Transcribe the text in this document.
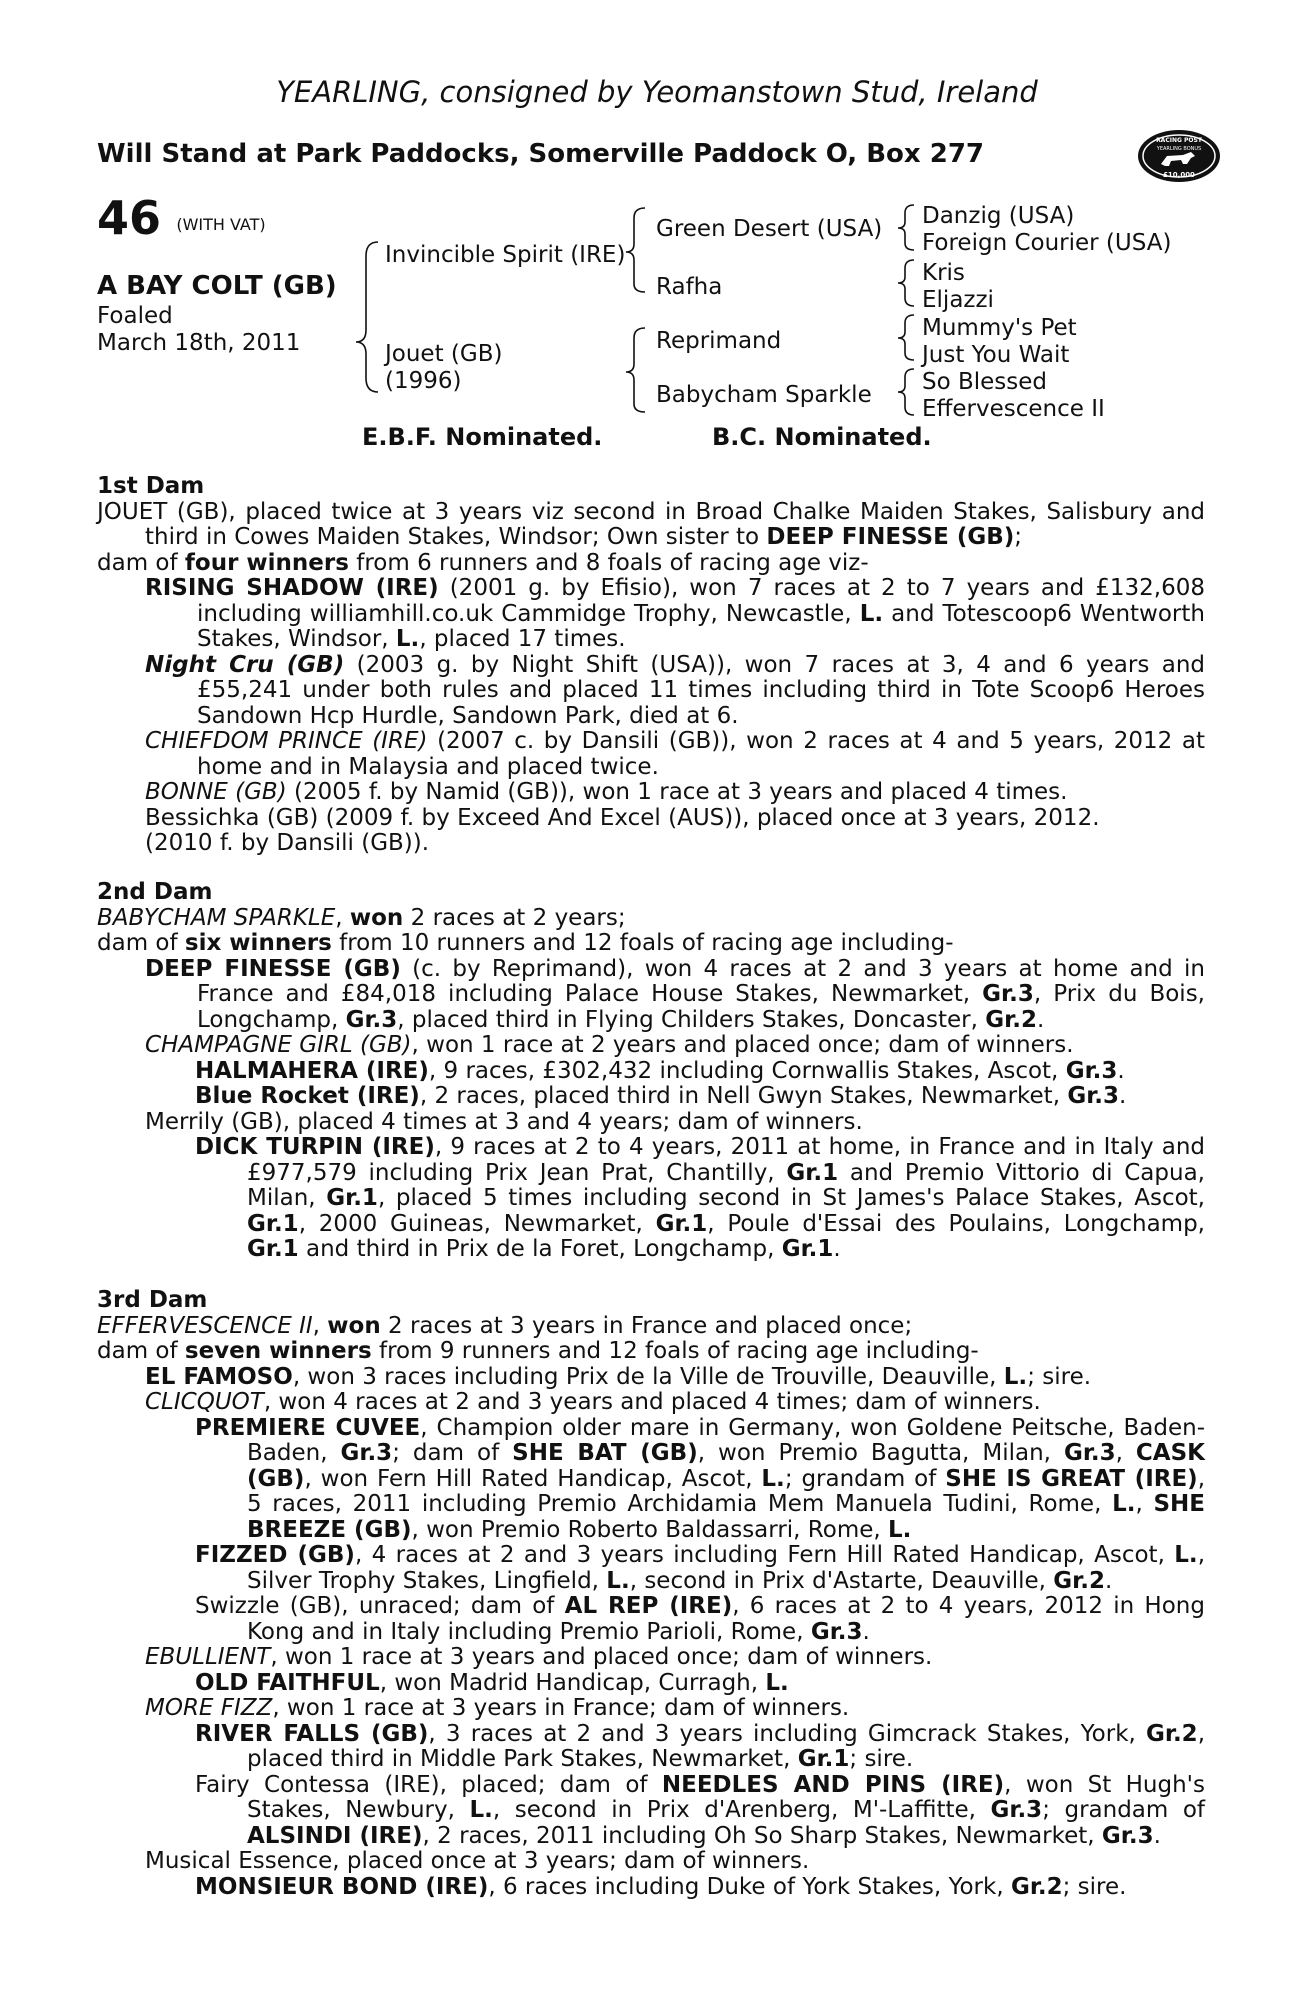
YEARLING, consigned by Yeomanstown Stud, Ireland
Will Stand at Park Paddocks, Somerville Paddock O, Box 277	RACING POST
YEARLING BONUS
£10,000
46 (WITH VAT)
A BAY COLT (GB)
Foaled
March 18th, 2011
Invincible Spirit (IRE)
Jouet (GB)
(1996)
Green Desert (USA)
Rafha
Reprimand
Babycham Sparkle
Danzig (USA)
Foreign Courier (USA)
Kris
Eljazzi
Mummy's Pet
Just You Wait
So Blessed
Effervescence II
E.B.F. Nominated.	B.C. Nominated.
1st Dam
JOUET (GB), placed twice at 3 years viz second in Broad Chalke Maiden Stakes, Salisbury and third in Cowes Maiden Stakes, Windsor; Own sister to DEEP FINESSE (GB);
dam of four winners from 6 runners and 8 foals of racing age viz-
RISING SHADOW (IRE) (2001 g. by Efisio), won 7 races at 2 to 7 years and £132,608 including williamhill.co.uk Cammidge Trophy, Newcastle, L. and Totescoop6 Wentworth Stakes, Windsor, L., placed 17 times.
Night Cru (GB) (2003 g. by Night Shift (USA)), won 7 races at 3, 4 and 6 years and £55,241 under both rules and placed 11 times including third in Tote Scoop6 Heroes Sandown Hcp Hurdle, Sandown Park, died at 6.
CHIEFDOM PRINCE (IRE) (2007 c. by Dansili (GB)), won 2 races at 4 and 5 years, 2012 at home and in Malaysia and placed twice.
BONNE (GB) (2005 f. by Namid (GB)), won 1 race at 3 years and placed 4 times.
Bessichka (GB) (2009 f. by Exceed And Excel (AUS)), placed once at 3 years, 2012.
(2010 f. by Dansili (GB)).
2nd Dam
BABYCHAM SPARKLE, won 2 races at 2 years;
dam of six winners from 10 runners and 12 foals of racing age including-
DEEP FINESSE (GB) (c. by Reprimand), won 4 races at 2 and 3 years at home and in France and £84,018 including Palace House Stakes, Newmarket, Gr.3, Prix du Bois, Longchamp, Gr.3, placed third in Flying Childers Stakes, Doncaster, Gr.2.
CHAMPAGNE GIRL (GB), won 1 race at 2 years and placed once; dam of winners.
HALMAHERA (IRE), 9 races, £302,432 including Cornwallis Stakes, Ascot, Gr.3.
Blue Rocket (IRE), 2 races, placed third in Nell Gwyn Stakes, Newmarket, Gr.3.
Merrily (GB), placed 4 times at 3 and 4 years; dam of winners.
DICK TURPIN (IRE), 9 races at 2 to 4 years, 2011 at home, in France and in Italy and £977,579 including Prix Jean Prat, Chantilly, Gr.1 and Premio Vittorio di Capua, Milan, Gr.1, placed 5 times including second in St James's Palace Stakes, Ascot, Gr.1, 2000 Guineas, Newmarket, Gr.1, Poule d'Essai des Poulains, Longchamp, Gr.1 and third in Prix de la Foret, Longchamp, Gr.1.
3rd Dam
EFFERVESCENCE II, won 2 races at 3 years in France and placed once;
dam of seven winners from 9 runners and 12 foals of racing age including-
EL FAMOSO, won 3 races including Prix de la Ville de Trouville, Deauville, L.; sire.
CLICQUOT, won 4 races at 2 and 3 years and placed 4 times; dam of winners.
PREMIERE CUVEE, Champion older mare in Germany, won Goldene Peitsche, Baden-Baden, Gr.3; dam of SHE BAT (GB), won Premio Bagutta, Milan, Gr.3, CASK (GB), won Fern Hill Rated Handicap, Ascot, L.; grandam of SHE IS GREAT (IRE), 5 races, 2011 including Premio Archidamia Mem Manuela Tudini, Rome, L., SHE BREEZE (GB), won Premio Roberto Baldassarri, Rome, L.
FIZZED (GB), 4 races at 2 and 3 years including Fern Hill Rated Handicap, Ascot, L., Silver Trophy Stakes, Lingfield, L., second in Prix d'Astarte, Deauville, Gr.2.
Swizzle (GB), unraced; dam of AL REP (IRE), 6 races at 2 to 4 years, 2012 in Hong Kong and in Italy including Premio Parioli, Rome, Gr.3.
EBULLIENT, won 1 race at 3 years and placed once; dam of winners.
OLD FAITHFUL, won Madrid Handicap, Curragh, L.
MORE FIZZ, won 1 race at 3 years in France; dam of winners.
RIVER FALLS (GB), 3 races at 2 and 3 years including Gimcrack Stakes, York, Gr.2, placed third in Middle Park Stakes, Newmarket, Gr.1; sire.
Fairy Contessa (IRE), placed; dam of NEEDLES AND PINS (IRE), won St Hugh's Stakes, Newbury, L., second in Prix d'Arenberg, M'-Laffitte, Gr.3; grandam of ALSINDI (IRE), 2 races, 2011 including Oh So Sharp Stakes, Newmarket, Gr.3.
Musical Essence, placed once at 3 years; dam of winners.
MONSIEUR BOND (IRE), 6 races including Duke of York Stakes, York, Gr.2; sire.
